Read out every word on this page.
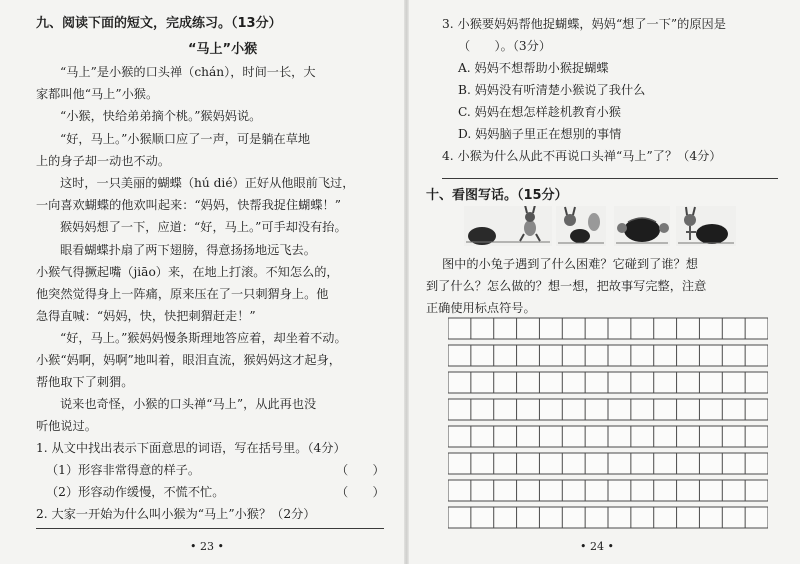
九、阅读下面的短文，完成练习。（13分）
“马上”小猴
“马上”是小猴的口头禅（chán），时间一长，大
家都叫他“马上”小猴。
“小猴，快给弟弟摘个桃。”猴妈妈说。
“好，马上。”小猴顺口应了一声，可是躺在草地
上的身子却一动也不动。
这时，一只美丽的蝴蝶（hú dié）正好从他眼前飞过，
一向喜欢蝴蝶的他欢叫起来：“妈妈，快帮我捉住蝴蝶！”
猴妈妈想了一下，应道：“好，马上。”可手却没有抬。
眼看蝴蝶扑扇了两下翅膀，得意扬扬地远飞去。
小猴气得撅起嘴（jiāo）来，在地上打滚。不知怎么的，
他突然觉得身上一阵痛，原来压在了一只刺猬身上。他
急得直喊：“妈妈，快，快把刺猬赶走！”
“好，马上。”猴妈妈慢条斯理地答应着，却坐着不动。
小猴“妈啊，妈啊”地叫着，眼泪直流，猴妈妈这才起身，
帮他取下了刺猬。
说来也奇怪，小猴的口头禅“马上”，从此再也没
听他说过。
1. 从文中找出表示下面意思的词语，写在括号里。（4分）
（1）形容非常得意的样子。	（　　）
（2）形容动作缓慢，不慌不忙。	（　　）
2. 大家一开始为什么叫小猴为“马上”小猴？（2分）
• 23 •
3. 小猴要妈妈帮他捉蝴蝶，妈妈“想了一下”的原因是
（　　）。（3分）
A. 妈妈不想帮助小猴捉蝴蝶
B. 妈妈没有听清楚小猴说了我什么
C. 妈妈在想怎样趁机教育小猴
D. 妈妈脑子里正在想别的事情
4. 小猴为什么从此不再说口头禅“马上”了？（4分）
十、看图写话。（15分）
图中的小兔子遇到了什么困难？它碰到了谁？想
到了什么？怎么做的？想一想，把故事写完整，注意
正确使用标点符号。
• 24 •
